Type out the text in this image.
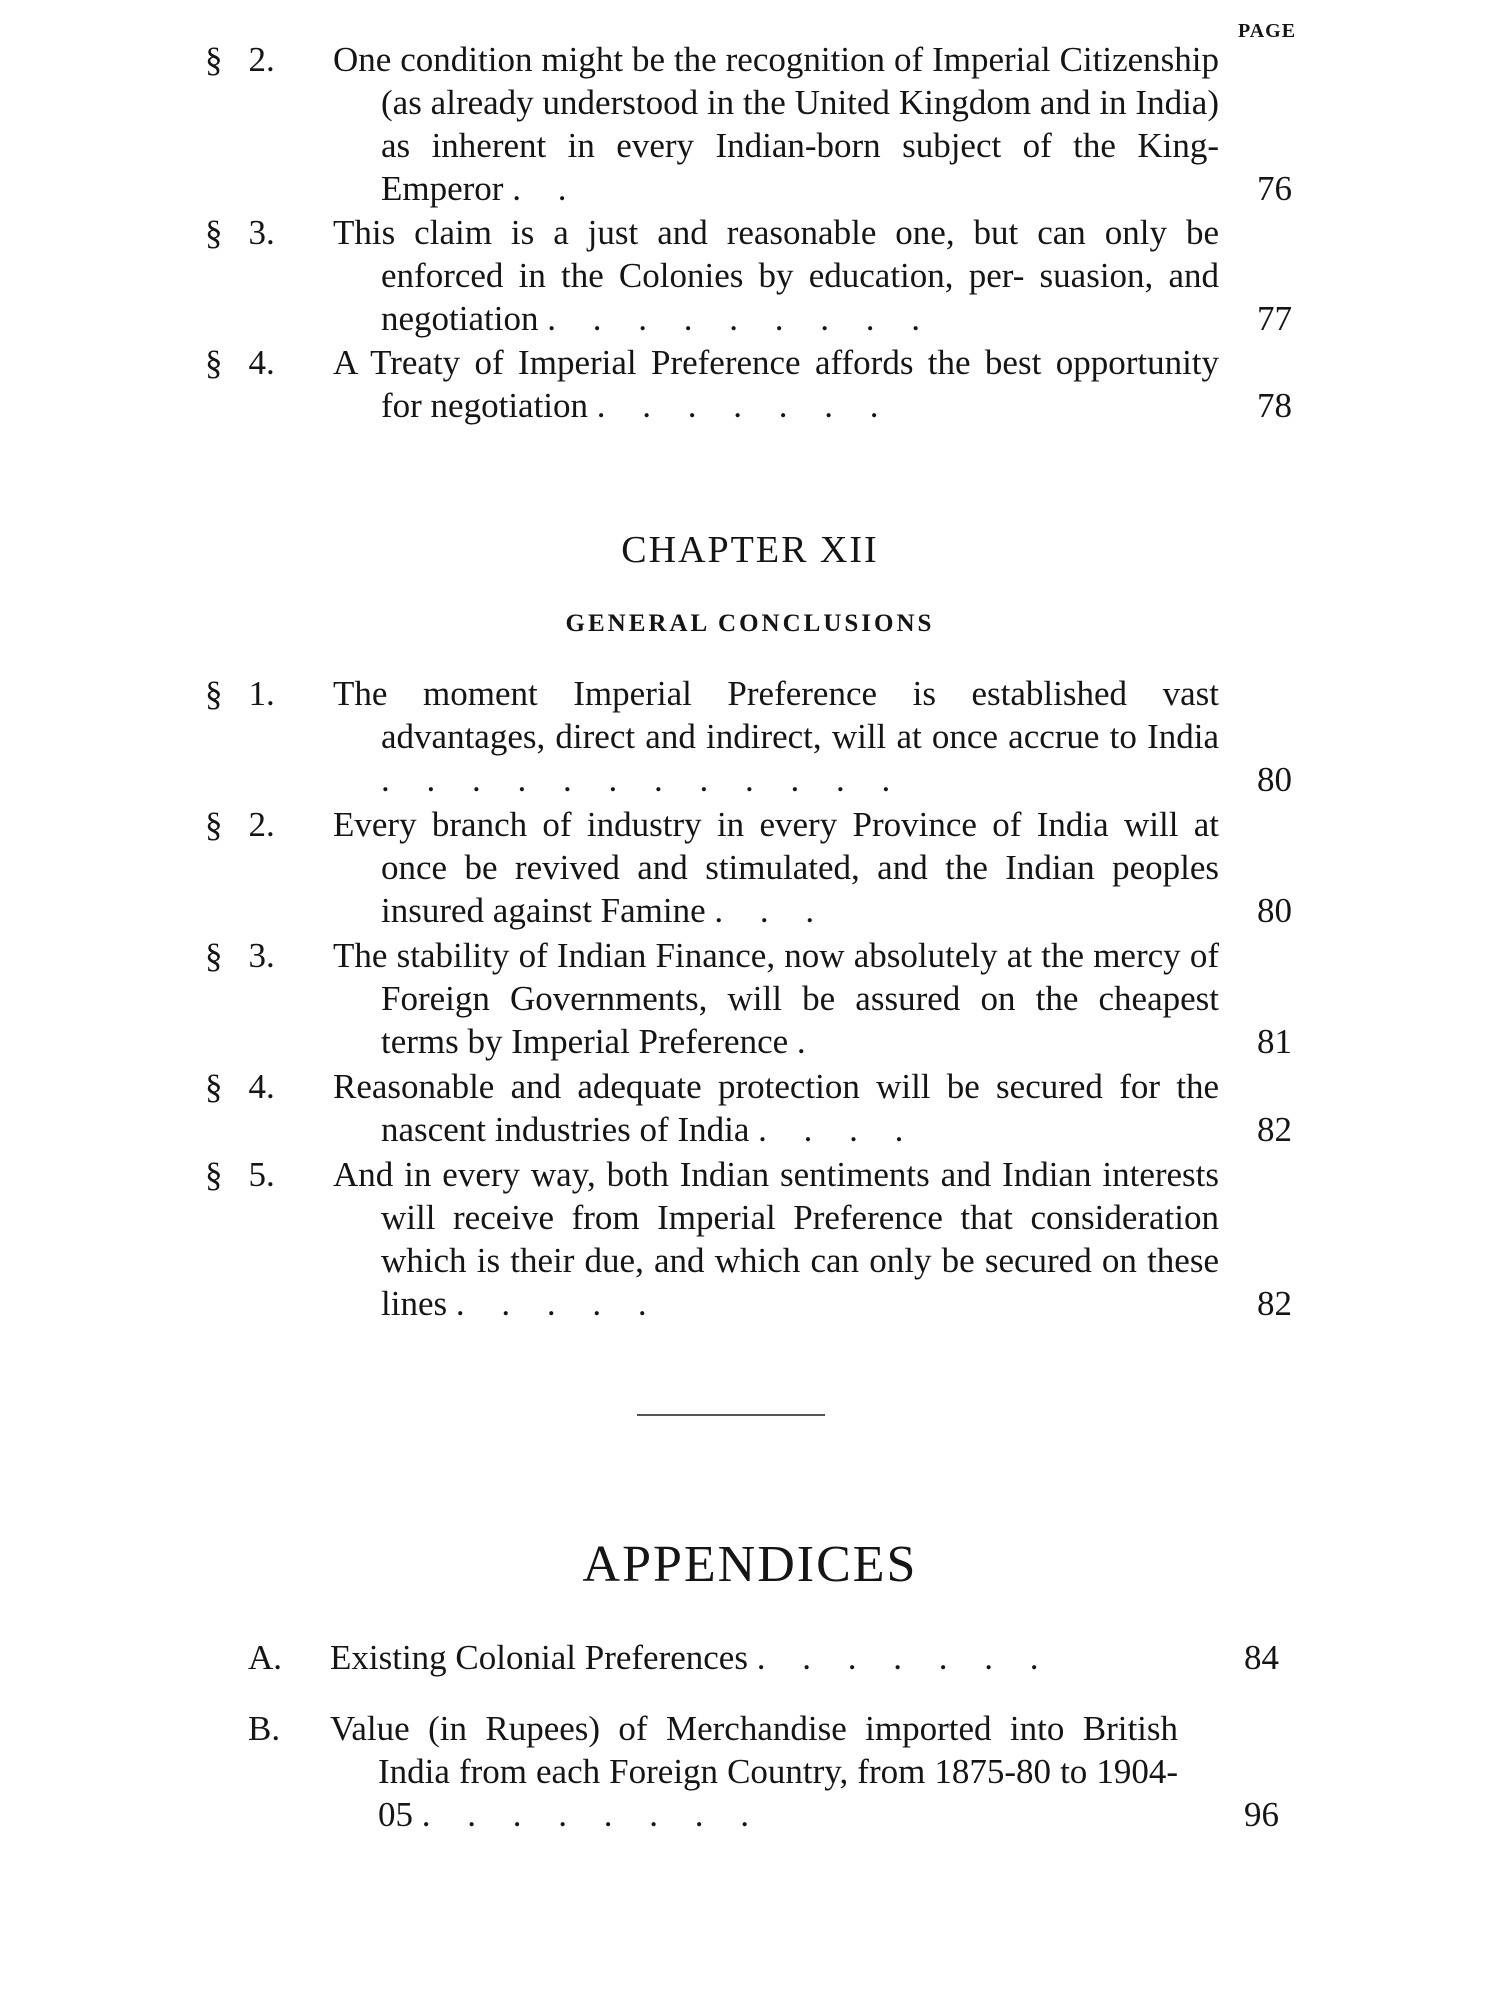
PAGE
§ 2. One condition might be the recognition of Imperial Citizenship (as already understood in the United Kingdom and in India) as inherent in every Indian-born subject of the King-Emperor . .	76
§ 3. This claim is a just and reasonable one, but can only be enforced in the Colonies by education, per- suasion, and negotiation . . . . . . . . .	77
§ 4. A Treaty of Imperial Preference affords the best opportunity for negotiation . . . . . . .	78
CHAPTER XII
GENERAL CONCLUSIONS
§ 1. The moment Imperial Preference is established vast advantages, direct and indirect, will at once accrue to India . . . . . . . . . . . .	80
§ 2. Every branch of industry in every Province of India will at once be revived and stimulated, and the Indian peoples insured against Famine . . .	80
§ 3. The stability of Indian Finance, now absolutely at the mercy of Foreign Governments, will be assured on the cheapest terms by Imperial Preference .	81
§ 4. Reasonable and adequate protection will be secured for the nascent industries of India . . . .	82
§ 5. And in every way, both Indian sentiments and Indian interests will receive from Imperial Preference that consideration which is their due, and which can only be secured on these lines . . . . .	82
APPENDICES
A. Existing Colonial Preferences . . . . . . .	84
B. Value (in Rupees) of Merchandise imported into British India from each Foreign Country, from 1875-80 to 1904-05 . . . . . . . .	96
